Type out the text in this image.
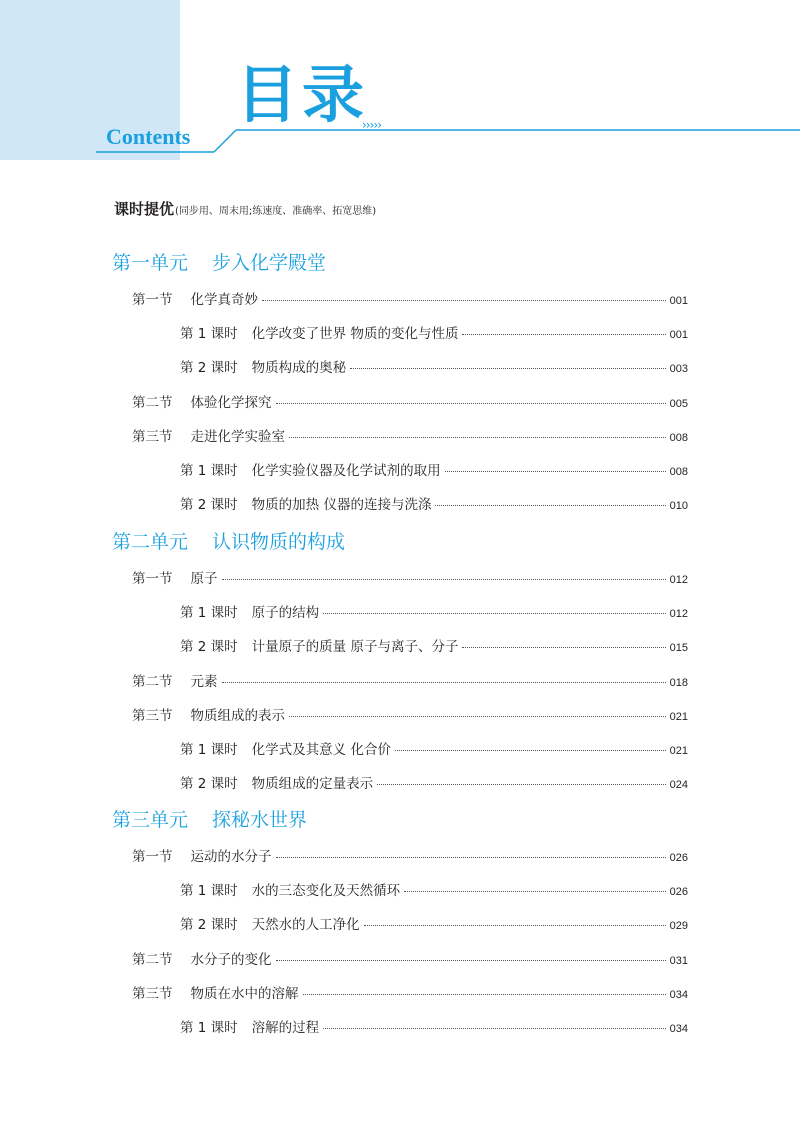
目录
›››››
Contents
课时提优(同步用、周末用;练速度、准确率、拓宽思维)
第一单元 步入化学殿堂
第一节 化学真奇妙	001
第 1 课时 化学改变了世界 物质的变化与性质	001
第 2 课时 物质构成的奥秘	003
第二节 体验化学探究	005
第三节 走进化学实验室	008
第 1 课时 化学实验仪器及化学试剂的取用	008
第 2 课时 物质的加热 仪器的连接与洗涤	010
第二单元 认识物质的构成
第一节 原子	012
第 1 课时 原子的结构	012
第 2 课时 计量原子的质量 原子与离子、分子	015
第二节 元素	018
第三节 物质组成的表示	021
第 1 课时 化学式及其意义 化合价	021
第 2 课时 物质组成的定量表示	024
第三单元 探秘水世界
第一节 运动的水分子	026
第 1 课时 水的三态变化及天然循环	026
第 2 课时 天然水的人工净化	029
第二节 水分子的变化	031
第三节 物质在水中的溶解	034
第 1 课时 溶解的过程	034
